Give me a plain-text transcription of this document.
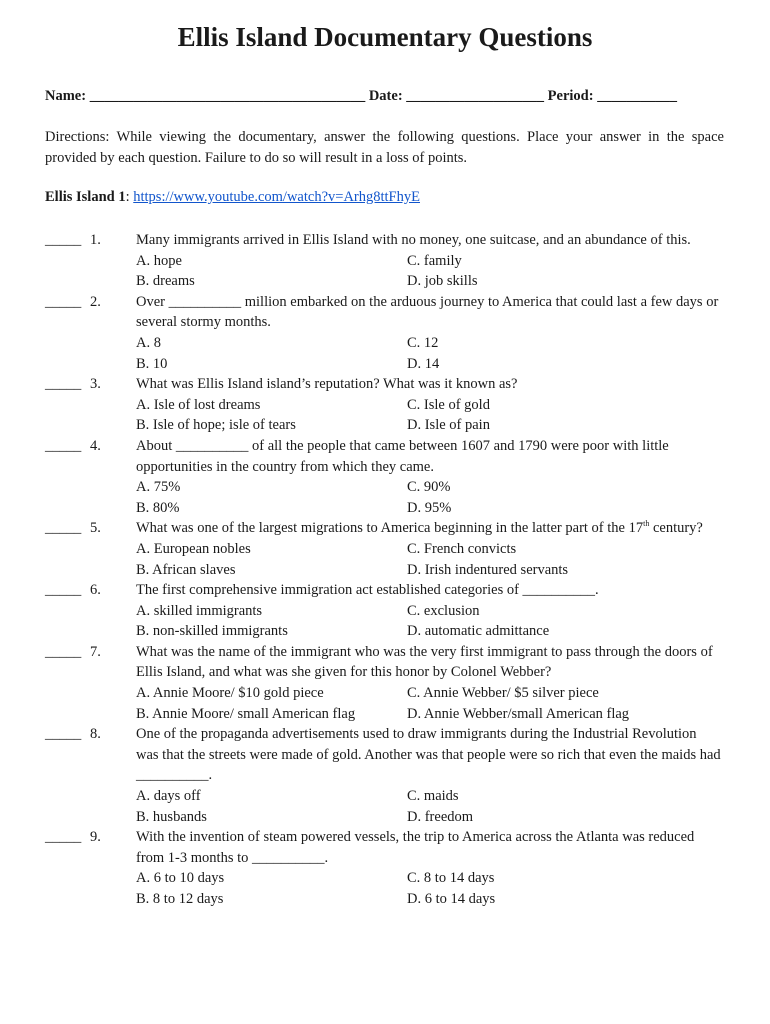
Ellis Island Documentary Questions
Name: ______________________________________ Date: ___________________ Period: ___________
Directions: While viewing the documentary, answer the following questions. Place your answer in the space provided by each question. Failure to do so will result in a loss of points.
Ellis Island 1: https://www.youtube.com/watch?v=Arhg8ttFhyE
_____ 1. Many immigrants arrived in Ellis Island with no money, one suitcase, and an abundance of this.
A. hope	C. family
B. dreams	D. job skills
_____ 2. Over __________ million embarked on the arduous journey to America that could last a few days or several stormy months.
A. 8	C. 12
B. 10	D. 14
_____ 3. What was Ellis Island island’s reputation? What was it known as?
A. Isle of lost dreams	C. Isle of gold
B. Isle of hope; isle of tears	D. Isle of pain
_____ 4. About __________ of all the people that came between 1607 and 1790 were poor with little opportunities in the country from which they came.
A. 75%	C. 90%
B. 80%	D. 95%
_____ 5. What was one of the largest migrations to America beginning in the latter part of the 17th century?
A. European nobles	C. French convicts
B. African slaves	D. Irish indentured servants
_____ 6. The first comprehensive immigration act established categories of __________.
A. skilled immigrants	C. exclusion
B. non-skilled immigrants	D. automatic admittance
_____ 7. What was the name of the immigrant who was the very first immigrant to pass through the doors of Ellis Island, and what was she given for this honor by Colonel Webber?
A. Annie Moore/ $10 gold piece	C. Annie Webber/ $5 silver piece
B. Annie Moore/ small American flag	D. Annie Webber/small American flag
_____ 8. One of the propaganda advertisements used to draw immigrants during the Industrial Revolution was that the streets were made of gold. Another was that people were so rich that even the maids had __________.
A. days off	C. maids
B. husbands	D. freedom
_____ 9. With the invention of steam powered vessels, the trip to America across the Atlanta was reduced from 1-3 months to __________.
A. 6 to 10 days	C. 8 to 14 days
B. 8 to 12 days	D. 6 to 14 days
